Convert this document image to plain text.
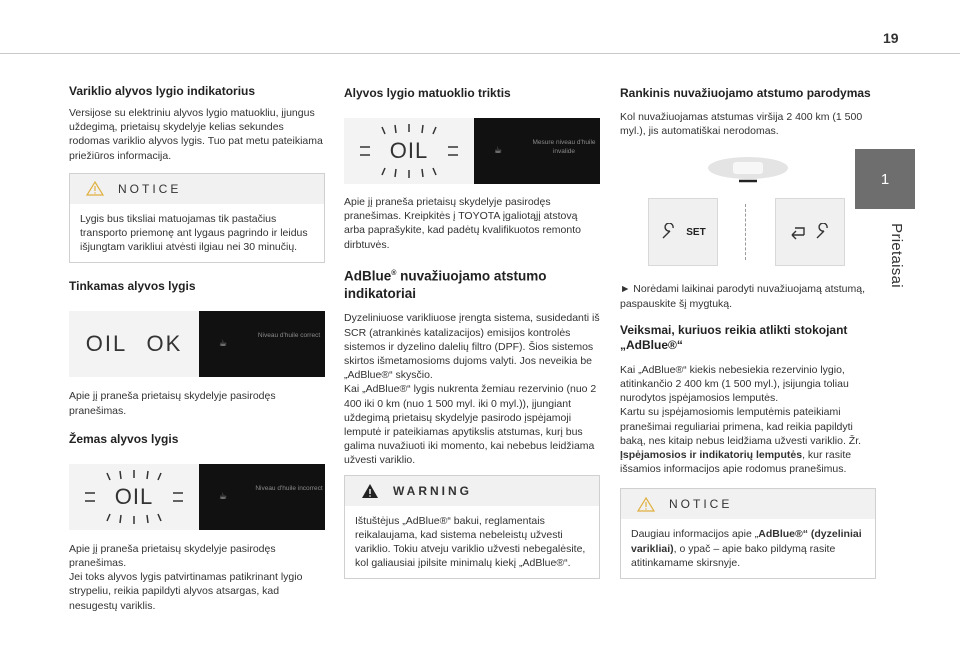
19
1
Prietaisai
Variklio alyvos lygio indikatorius

Versijose su elektriniu alyvos lygio matuokliu, įjungus uždegimą, prietaisų skydelyje kelias sekundes rodomas variklio alyvos lygis. Tuo pat metu pateikiama priežiūros informacija.

NOTICE

Lygis bus tiksliai matuojamas tik pastačius transporto priemonę ant lygaus pagrindo ir leidus išjungtam varikliui atvėsti ilgiau nei 30 minučių.

Tinkamas alyvos lygis
OIL OK	☕
Niveau d'huile correct

Apie jį praneša prietaisų skydelyje pasirodęs pranešimas.

Žemas alyvos lygis
OIL	☕
Niveau d'huile incorrect

Apie jį praneša prietaisų skydelyje pasirodęs pranešimas.
Jei toks alyvos lygis patvirtinamas patikrinant lygio strypeliu, reikia papildyti alyvos atsargas, kad nesugestų variklis.

Alyvos lygio matuoklio triktis
OIL	☕
Mesure niveau d'huile invalide

Apie jį praneša prietaisų skydelyje pasirodęs pranešimas. Kreipkitės į TOYOTA įgaliotąjį atstovą arba paprašykite, kad padėtų kvalifikuotos remonto dirbtuvės.

AdBlue® nuvažiuojamo atstumo indikatoriai

Dyzeliniuose varikliuose įrengta sistema, susidedanti iš SCR (atrankinės katalizacijos) emisijos kontrolės sistemos ir dyzelino dalelių filtro (DPF). Šios sistemos skirtos išmetamosioms dujoms valyti. Jos neveikia be „AdBlue®“ skysčio.
Kai „AdBlue®“ lygis nukrenta žemiau rezervinio (nuo 2 400 iki 0 km (nuo 1 500 myl. iki 0 myl.)), įjungiant uždegimą prietaisų skydelyje pasirodo įspėjamoji lemputė ir pateikiamas apytikslis atstumas, kurį bus galima nuvažiuoti iki momento, kai nebebus leidžiama užvesti variklio.

WARNING

Ištuštėjus „AdBlue®“ bakui, reglamentais reikalaujama, kad sistema nebeleistų užvesti variklio. Tokiu atveju variklio užvesti nebegalėsite, kol galiausiai įpilsite minimalų kiekį „AdBlue®“.

Rankinis nuvažiuojamo atstumo parodymas

Kol nuvažiuojamas atstumas viršija 2 400 km (1 500 myl.), jis automatiškai nerodomas.

SET

► Norėdami laikinai parodyti nuvažiuojamą atstumą, paspauskite šį mygtuką.

Veiksmai, kuriuos reikia atlikti stokojant „AdBlue®“

Kai „AdBlue®“ kiekis nebesiekia rezervinio lygio, atitinkančio 2 400 km (1 500 myl.), įsijungia toliau nurodytos įspėjamosios lemputės.
Kartu su įspėjamosiomis lemputėmis pateikiami pranešimai reguliariai primena, kad reikia papildyti baką, nes kitaip nebus leidžiama užvesti variklio. Žr. Įspėjamosios ir indikatorių lemputės, kur rasite išsamios informacijos apie rodomus pranešimus.

NOTICE

Daugiau informacijos apie „AdBlue®“ (dyzeliniai varikliai), o ypač – apie bako pildymą rasite atitinkamame skirsnyje.
